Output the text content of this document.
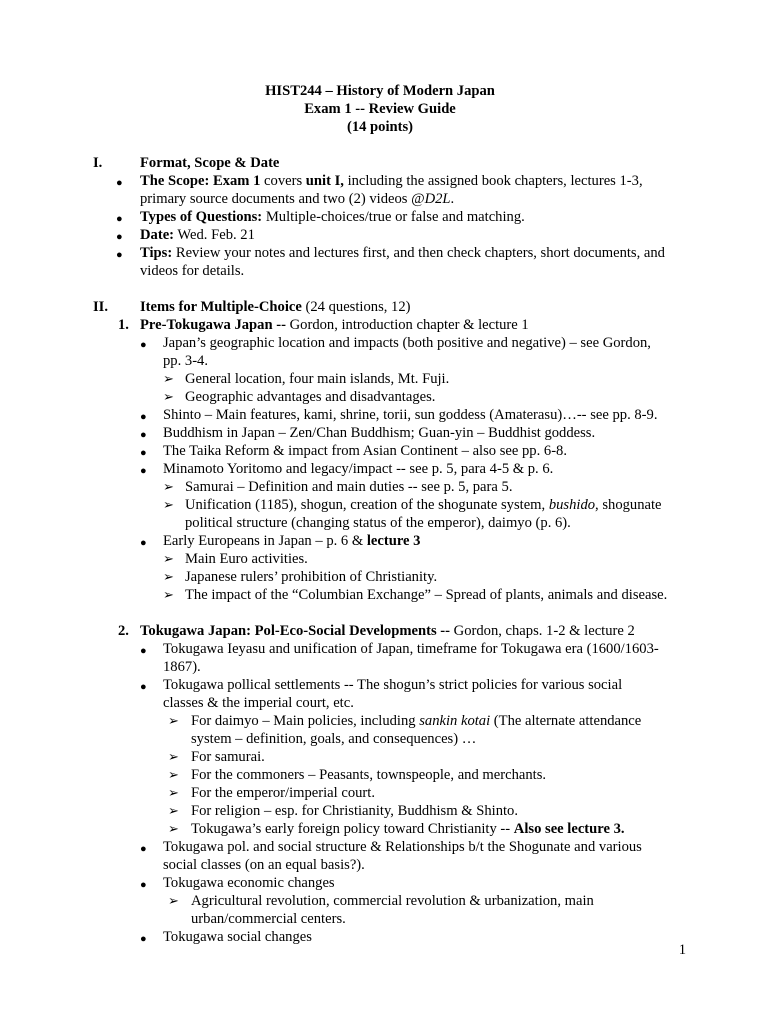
HIST244 – History of Modern Japan
Exam 1 -- Review Guide
(14 points)
I.	Format, Scope & Date
● The Scope: Exam 1 covers unit I, including the assigned book chapters, lectures 1-3,
primary source documents and two (2) videos @D2L.
● Types of Questions: Multiple-choices/true or false and matching.
● Date: Wed. Feb. 21
● Tips: Review your notes and lectures first, and then check chapters, short documents, and
videos for details.
II. Items for Multiple-Choice (24 questions, 12)
1. Pre-Tokugawa Japan -- Gordon, introduction chapter & lecture 1
● Japan’s geographic location and impacts (both positive and negative) – see Gordon,
pp. 3-4.
➢ General location, four main islands, Mt. Fuji.
➢ Geographic advantages and disadvantages.
● Shinto – Main features, kami, shrine, torii, sun goddess (Amaterasu)…-- see pp. 8-9.
● Buddhism in Japan – Zen/Chan Buddhism; Guan-yin – Buddhist goddess.
● The Taika Reform & impact from Asian Continent – also see pp. 6-8.
● Minamoto Yoritomo and legacy/impact -- see p. 5, para 4-5 & p. 6.
➢ Samurai – Definition and main duties -- see p. 5, para 5.
➢ Unification (1185), shogun, creation of the shogunate system, bushido, shogunate
political structure (changing status of the emperor), daimyo (p. 6).
● Early Europeans in Japan – p. 6 & lecture 3
➢ Main Euro activities.
➢ Japanese rulers’ prohibition of Christianity.
➢ The impact of the “Columbian Exchange” – Spread of plants, animals and disease.
2. Tokugawa Japan: Pol-Eco-Social Developments -- Gordon, chaps. 1-2 & lecture 2
● Tokugawa Ieyasu and unification of Japan, timeframe for Tokugawa era (1600/1603-
1867).
● Tokugawa pollical settlements -- The shogun’s strict policies for various social
classes & the imperial court, etc.
➢ For daimyo – Main policies, including sankin kotai (The alternate attendance
system – definition, goals, and consequences) …
➢ For samurai.
➢ For the commoners – Peasants, townspeople, and merchants.
➢ For the emperor/imperial court.
➢ For religion – esp. for Christianity, Buddhism & Shinto.
➢ Tokugawa’s early foreign policy toward Christianity -- Also see lecture 3.
● Tokugawa pol. and social structure & Relationships b/t the Shogunate and various
social classes (on an equal basis?).
● Tokugawa economic changes
➢ Agricultural revolution, commercial revolution & urbanization, main
urban/commercial centers.
● Tokugawa social changes
1
